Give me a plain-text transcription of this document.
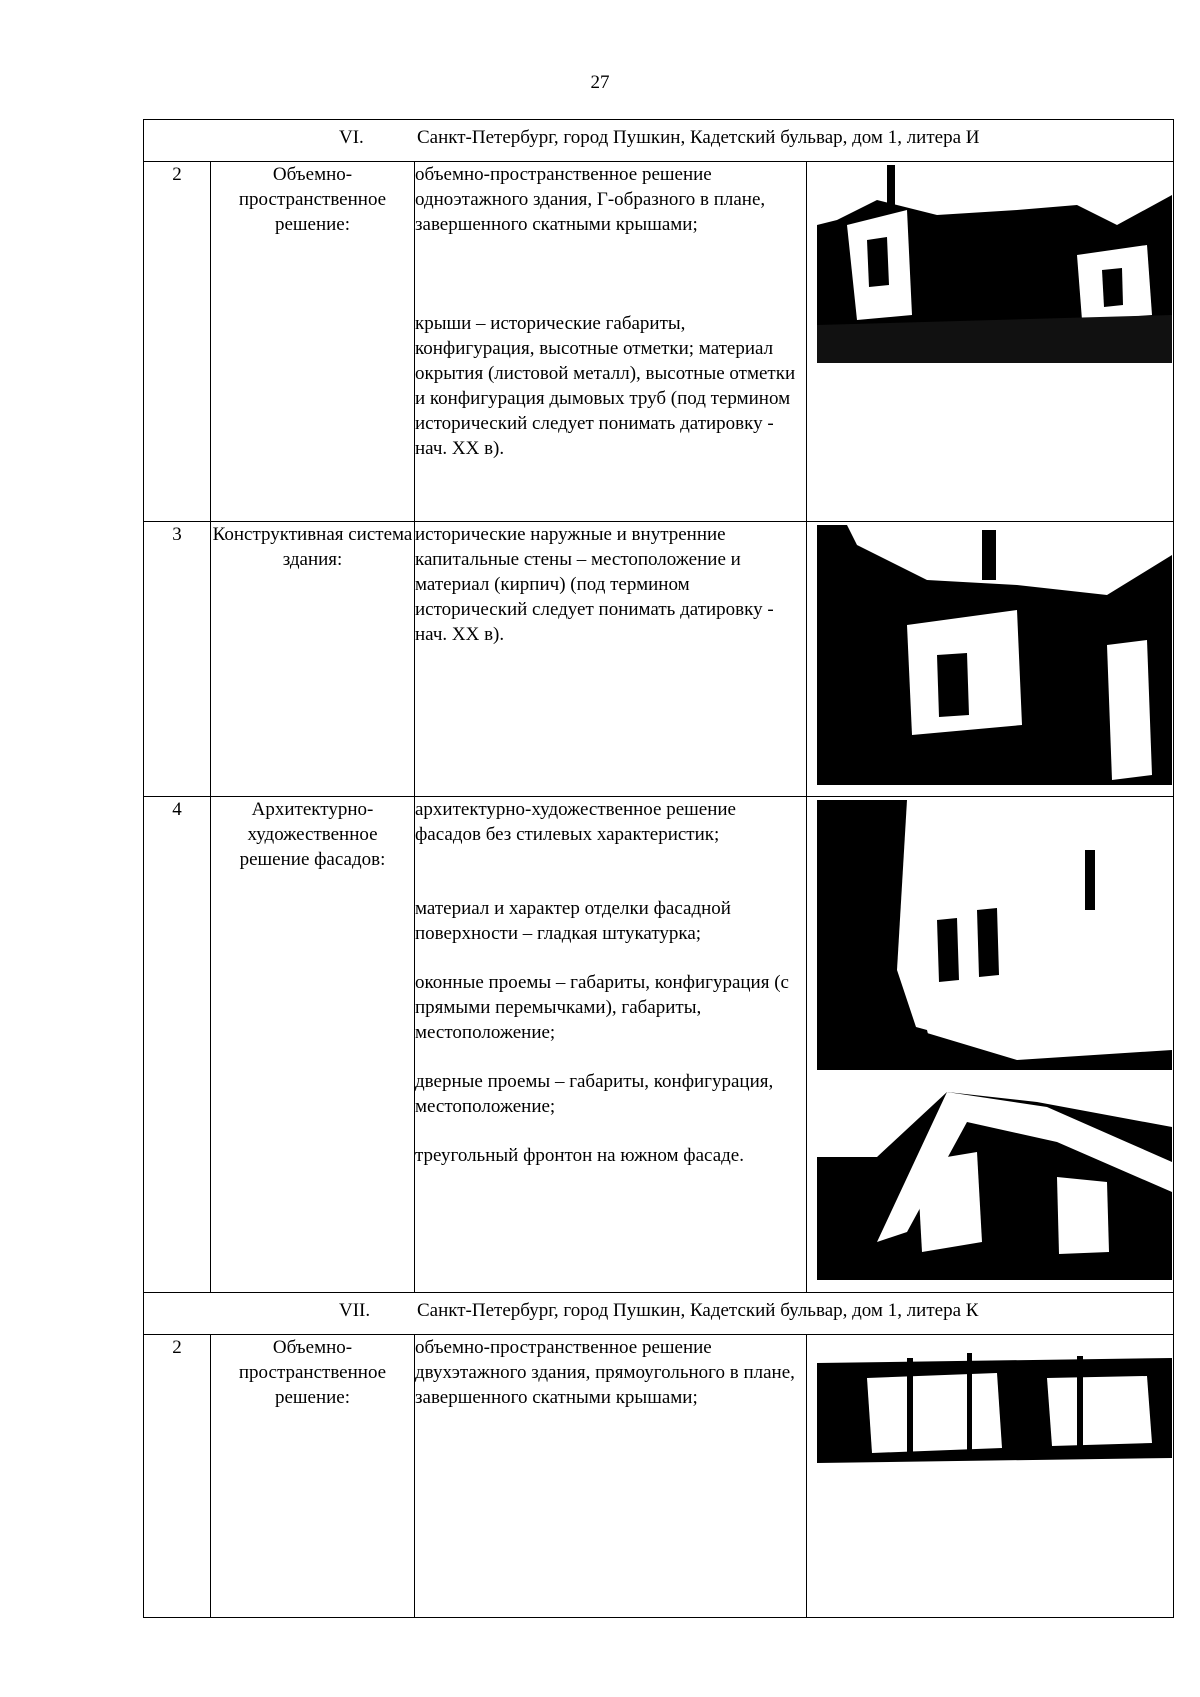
27
VI. Санкт-Петербург, город Пушкин, Кадетский бульвар, дом 1, литера И			

2	Объемно-пространственное решение:	объемно-пространственное решение одноэтажного здания, Г-образного в плане, завершенного скатными крышами;

крыши – исторические габариты, конфигурация, высотные отметки; материал окрытия (листовой металл), высотные отметки и конфигурация дымовых труб (под термином исторический следует понимать датировку - нач. XX в).

3	Конструктивная система здания:	исторические наружные и внутренние капитальные стены – местоположение и материал (кирпич) (под термином исторический следует понимать датировку - нач. XX в).

4	Архитектурно-художественное решение фасадов:	архитектурно-художественное решение фасадов без стилевых характеристик;

материал и характер отделки фасадной поверхности – гладкая штукатурка;

оконные проемы – габариты, конфигурация (с прямыми перемычками), габариты, местоположение;

дверные проемы – габариты, конфигурация, местоположение;

треугольный фронтон на южном фасаде.

VII. Санкт-Петербург, город Пушкин, Кадетский бульвар, дом 1, литера К			

2	Объемно-пространственное решение:	объемно-пространственное решение двухэтажного здания, прямоугольного в плане, завершенного скатными крышами;
